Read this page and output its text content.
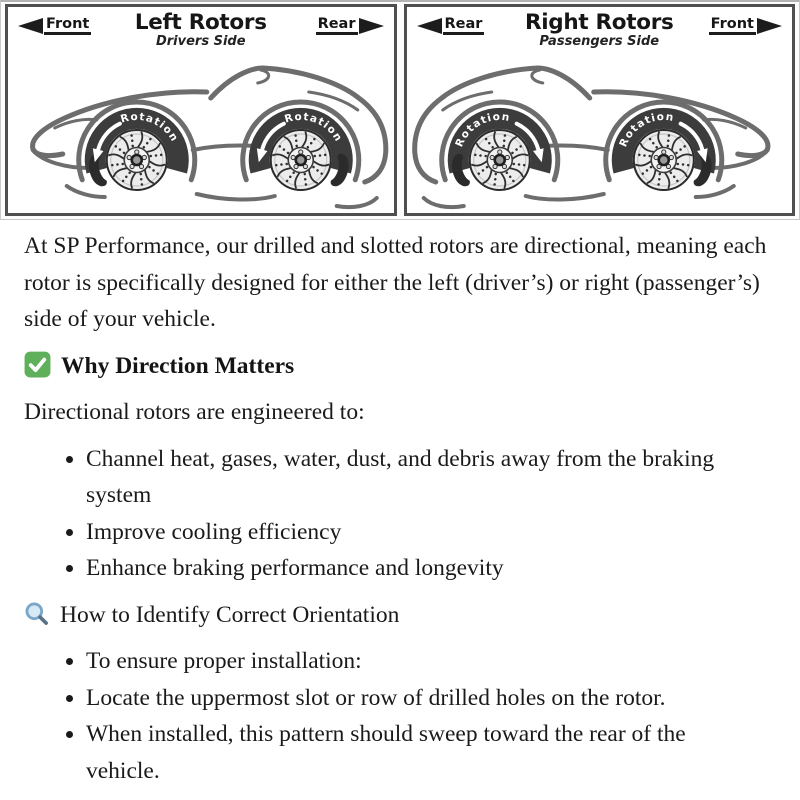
Front	Left Rotors
Drivers Side
Rear
Rotation
Rotation
Rear	Right Rotors
Passengers Side
Front
Rotation
Rotation

At SP Performance, our drilled and slotted rotors are directional, meaning each rotor is specifically designed for either the left (driver’s) or right (passenger’s) side of your vehicle.

Why Direction Matters

Directional rotors are engineered to:

• Channel heat, gases, water, dust, and debris away from the braking system
• Improve cooling efficiency
• Enhance braking performance and longevity
How to Identify Correct Orientation
• To ensure proper installation:
• Locate the uppermost slot or row of drilled holes on the rotor.
• When installed, this pattern should sweep toward the rear of the vehicle.
